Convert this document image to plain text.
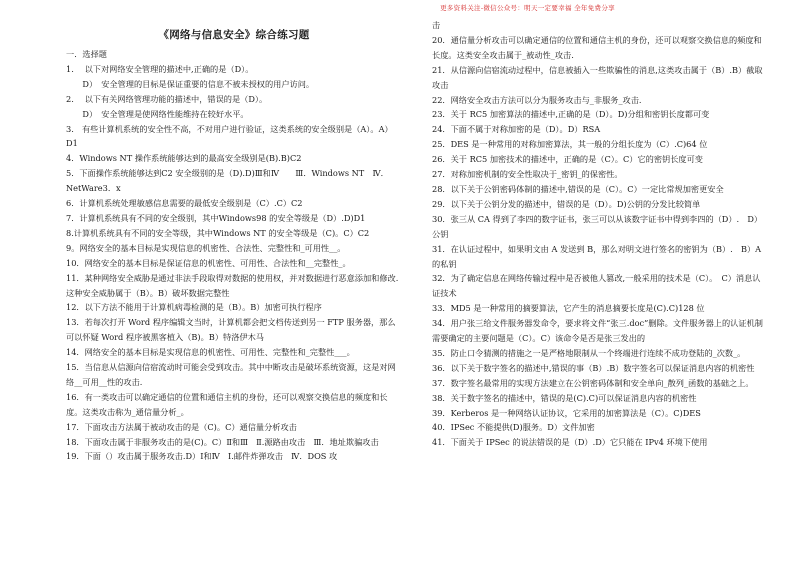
更多资料关注-微信公众号：明天一定要幸福 全年免费分享
《网络与信息安全》综合练习题
一．选择题
1.　 以下对网络安全管理的描述中,正确的是（D）。
　　D）　安全管理的目标是保证重要的信息不被未授权的用户访问。
2.　 以下有关网络管理功能的描述中，错误的是（D）。
　　D）　安全管理是使网络性能维持在较好水平。
3.　有些计算机系统的安全性不高，不对用户进行验证，这类系统的安全级别是（A）。A）　D1
4．Windows NT 操作系统能够达到的最高安全级别是(B).B)C2
5．下面操作系统能够达到C2 安全级别的是（D).D)Ⅲ和Ⅳ　　Ⅲ．Windows NT　Ⅳ．NetWare3．x
6．计算机系统处理敏感信息需要的最低安全级别是（C）.C）C2
7．计算机系统具有不同的安全级别，其中Windows98 的安全等级是（D）.D)D1
8.计算机系统具有不同的安全等级，其中Windows NT 的安全等级是（C)。C）C2
9。网络安全的基本目标是实现信息的机密性、合法性、完整性和_可用性__。
10．网络安全的基本目标是保证信息的机密性、可用性、合法性和__完整性_。
11．某种网络安全威胁是通过非法手段取得对数据的使用权，并对数据进行恶意添加和修改.这种安全威胁属于（B）。B）破坏数据完整性
12．以下方法不能用于计算机病毒检测的是（B）。B）加密可执行程序
13．若每次打开 Word 程序编辑文当时，计算机都会把文档传送到另一 FTP 服务器，那么可以怀疑 Word 程序被黑客植入（B)。B）特洛伊木马
14．网络安全的基本目标是实现信息的机密性、可用性、完整性和_完整性___。
15．当信息从信源向信宿流动时可能会受到攻击。其中中断攻击是破坏系统资源，这是对网络__可用__性的攻击.
16．有一类攻击可以确定通信的位置和通信主机的身份，还可以观察交换信息的频度和长度。这类攻击称为_通信量分析_。
17．下面攻击方法属于被动攻击的是（C)。C）通信量分析攻击
18．下面攻击属于非服务攻击的是(C)。C）Ⅱ和Ⅲ　Ⅱ.源路由攻击　Ⅲ．地址欺骗攻击
19．下面（）攻击属于服务攻击.D）Ⅰ和Ⅳ　Ⅰ.邮件炸弹攻击　Ⅳ．DOS 攻
击
20．通信量分析攻击可以确定通信的位置和通信主机的身份，还可以观察交换信息的频度和长度。这类安全攻击属于_被动性_攻击.
21．从信源向信宿流动过程中，信息被插入一些欺骗性的消息,这类攻击属于（B）.B）截取攻击
22．网络安全攻击方法可以分为服务攻击与_非服务_攻击.
23．关于 RC5 加密算法的描述中,正确的是（D）。D)分组和密钥长度都可变
24．下面不属于对称加密的是（D）。D）RSA
25．DES 是一种常用的对称加密算法，其一般的分组长度为（C）.C)64 位
26．关于 RC5 加密技术的描述中，正确的是（C）。C）它的密钥长度可变
27．对称加密机制的安全性取决于_密钥_的保密性。
28．以下关于公钥密码体制的描述中,错误的是（C）。C）一定比常规加密更安全
29．以下关于公钥分发的描述中，错误的是（D）。D)公钥的分发比较简单
30．张三从 CA 得到了李四的数字证书，张三可以从该数字证书中得到李四的（D）.　D）公钥
31．在认证过程中，如果明文由 A 发送到 B，那么对明文进行签名的密钥为（B）.　B）A 的私钥
32．为了确定信息在网络传输过程中是否被他人篡改,一般采用的技术是（C）。　C）消息认证技术
33．MD5 是一种常用的摘要算法，它产生的消息摘要长度是(C).C)128 位
34．用户张三给文件服务器发命令，要求将文件“张三.doc”删除。文件服务器上的认证机制需要确定的主要问题是（C）。C）该命令是否是张三发出的
35．防止口令猜测的措施之一是严格地限制从一个终端进行连续不成功登陆的_次数_。
36．以下关于数字签名的描述中,错误的事（B）.B）数字签名可以保证消息内容的机密性
37．数字签名最常用的实现方法建立在公钥密码体制和安全单向_散列_函数的基础之上。
38．关于数字签名的描述中，错误的是(C).C)可以保证消息内容的机密性
39．Kerberos 是一种网络认证协议，它采用的加密算法是（C）。C)DES
40．IPSec 不能提供(D)服务。D）文件加密
41．下面关于 IPSec 的说法错误的是（D）.D）它只能在 IPv4 环境下使用
